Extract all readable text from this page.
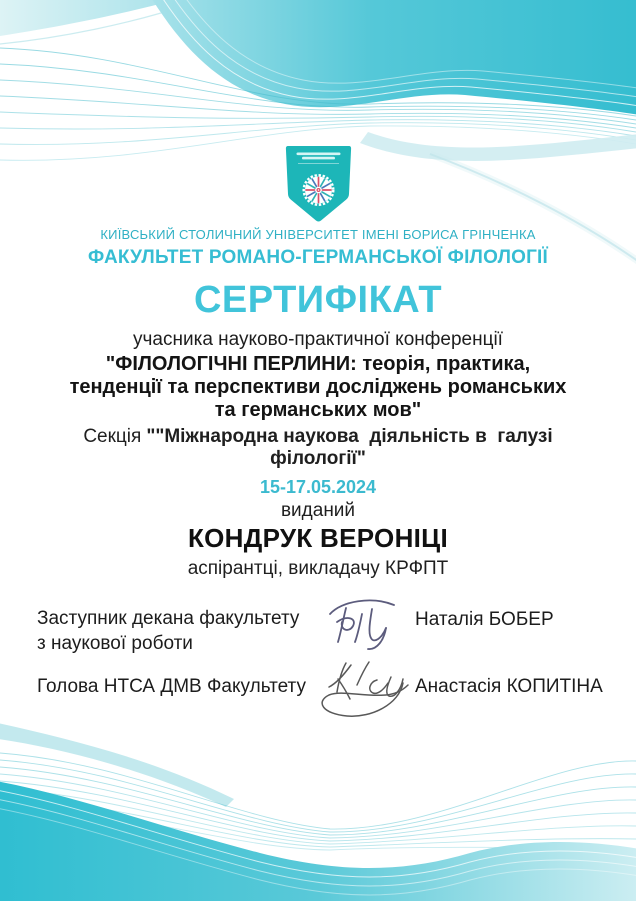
КИЇВСЬКИЙ СТОЛИЧНИЙ УНІВЕРСИТЕТ ІМЕНІ БОРИСА ГРІНЧЕНКА
ФАКУЛЬТЕТ РОМАНО-ГЕРМАНСЬКОЇ ФІЛОЛОГІЇ
СЕРТИФІКАТ
учасника науково-практичної конференції
"ФІЛОЛОГІЧНІ ПЕРЛИНИ: теорія, практика,
тенденції та перспективи досліджень романських
та германських мов"
Секція ""Міжнародна наукова  діяльність в  галузі філології"
15-17.05.2024
виданий
КОНДРУК ВЕРОНІЦІ
аспірантці, викладачу КРФПТ
Заступник декана факультету
з наукової роботи
Наталія БОБЕР
Голова НТСА ДМВ Факультету	Анастасія КОПИТІНА
